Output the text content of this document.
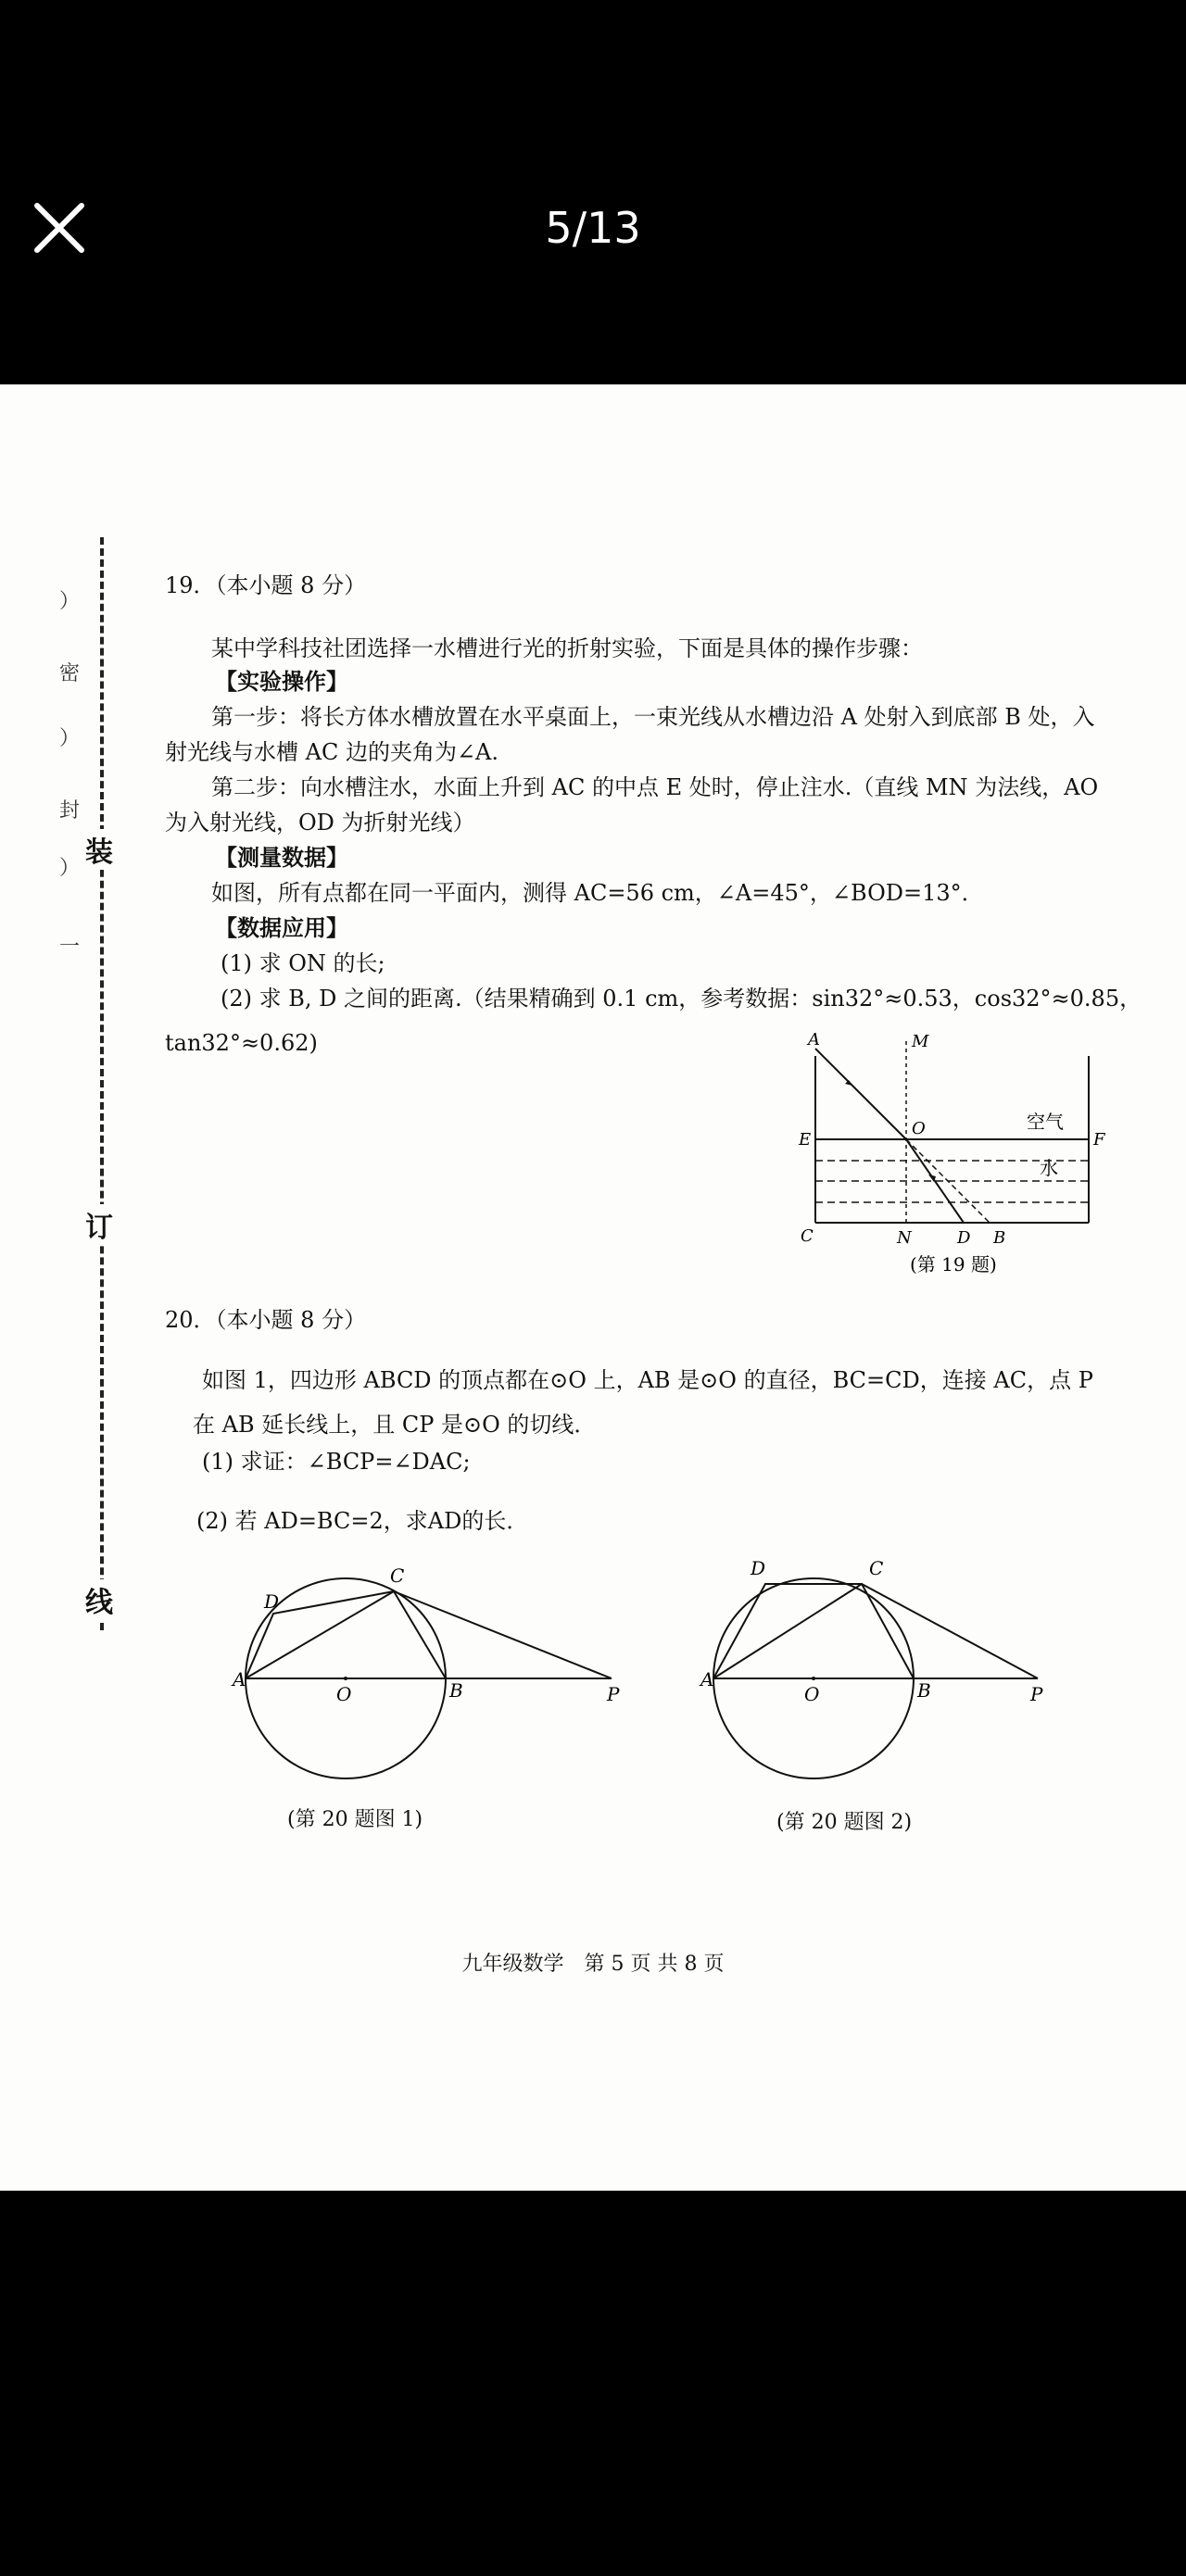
5/13
）
密
）
封
）
一
装
订
线
19．（本小题 8 分）
某中学科技社团选择一水槽进行光的折射实验，下面是具体的操作步骤：
【实验操作】
第一步：将长方体水槽放置在水平桌面上，一束光线从水槽边沿 A 处射入到底部 B 处，入
射光线与水槽 AC 边的夹角为∠A.
第二步：向水槽注水，水面上升到 AC 的中点 E 处时，停止注水.（直线 MN 为法线，AO
为入射光线，OD 为折射光线）
【测量数据】
如图，所有点都在同一平面内，测得 AC=56 cm，∠A=45°，∠BOD=13°．
【数据应用】
(1) 求 ON 的长;
(2) 求 B, D 之间的距离.（结果精确到 0.1 cm，参考数据：sin32°≈0.53，cos32°≈0.85，
tan32°≈0.62)	A	M
O
E	F
C	N	D B
空气
水
(第 19 题)
20．（本小题 8 分）
如图 1，四边形 ABCD 的顶点都在⊙O 上，AB 是⊙O 的直径，BC=CD，连接 AC，点 P
在 AB 延长线上，且 CP 是⊙O 的切线．
(1) 求证：∠BCP=∠DAC;
(2) 若 AD=BC=2，求AD的长．
A	B
C
D
O	P
(第 20 题图 1)
A	B
C
D
O	P
(第 20 题图 2)
九年级数学　第 5 页 共 8 页
